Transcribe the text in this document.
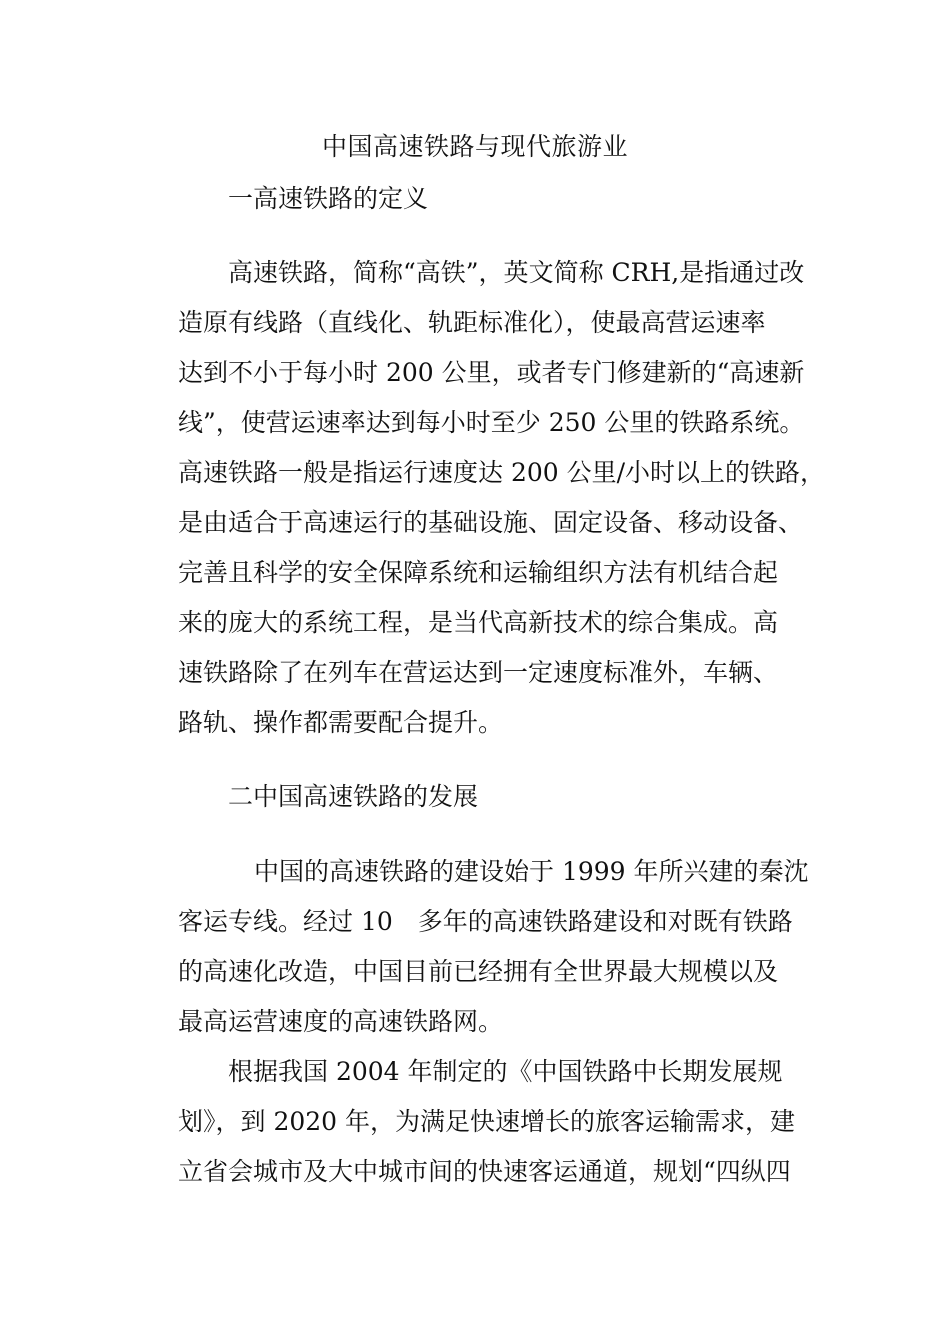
中国高速铁路与现代旅游业
一高速铁路的定义
高速铁路，简称“高铁”，英文简称 CRH,是指通过改
造原有线路（直线化、轨距标准化），使最高营运速率
达到不小于每小时 200 公里，或者专门修建新的“高速新
线”，使营运速率达到每小时至少 250 公里的铁路系统。
高速铁路一般是指运行速度达 200 公里/小时以上的铁路，
是由适合于高速运行的基础设施、固定设备、移动设备、
完善且科学的安全保障系统和运输组织方法有机结合起
来的庞大的系统工程，是当代高新技术的综合集成。高
速铁路除了在列车在营运达到一定速度标准外，车辆、
路轨、操作都需要配合提升。
二中国高速铁路的发展
中国的高速铁路的建设始于 1999 年所兴建的秦沈
客运专线。经过 10　多年的高速铁路建设和对既有铁路
的高速化改造，中国目前已经拥有全世界最大规模以及
最高运营速度的高速铁路网。
根据我国 2004 年制定的《中国铁路中长期发展规
划》，到 2020 年，为满足快速增长的旅客运输需求，建
立省会城市及大中城市间的快速客运通道，规划“四纵四
